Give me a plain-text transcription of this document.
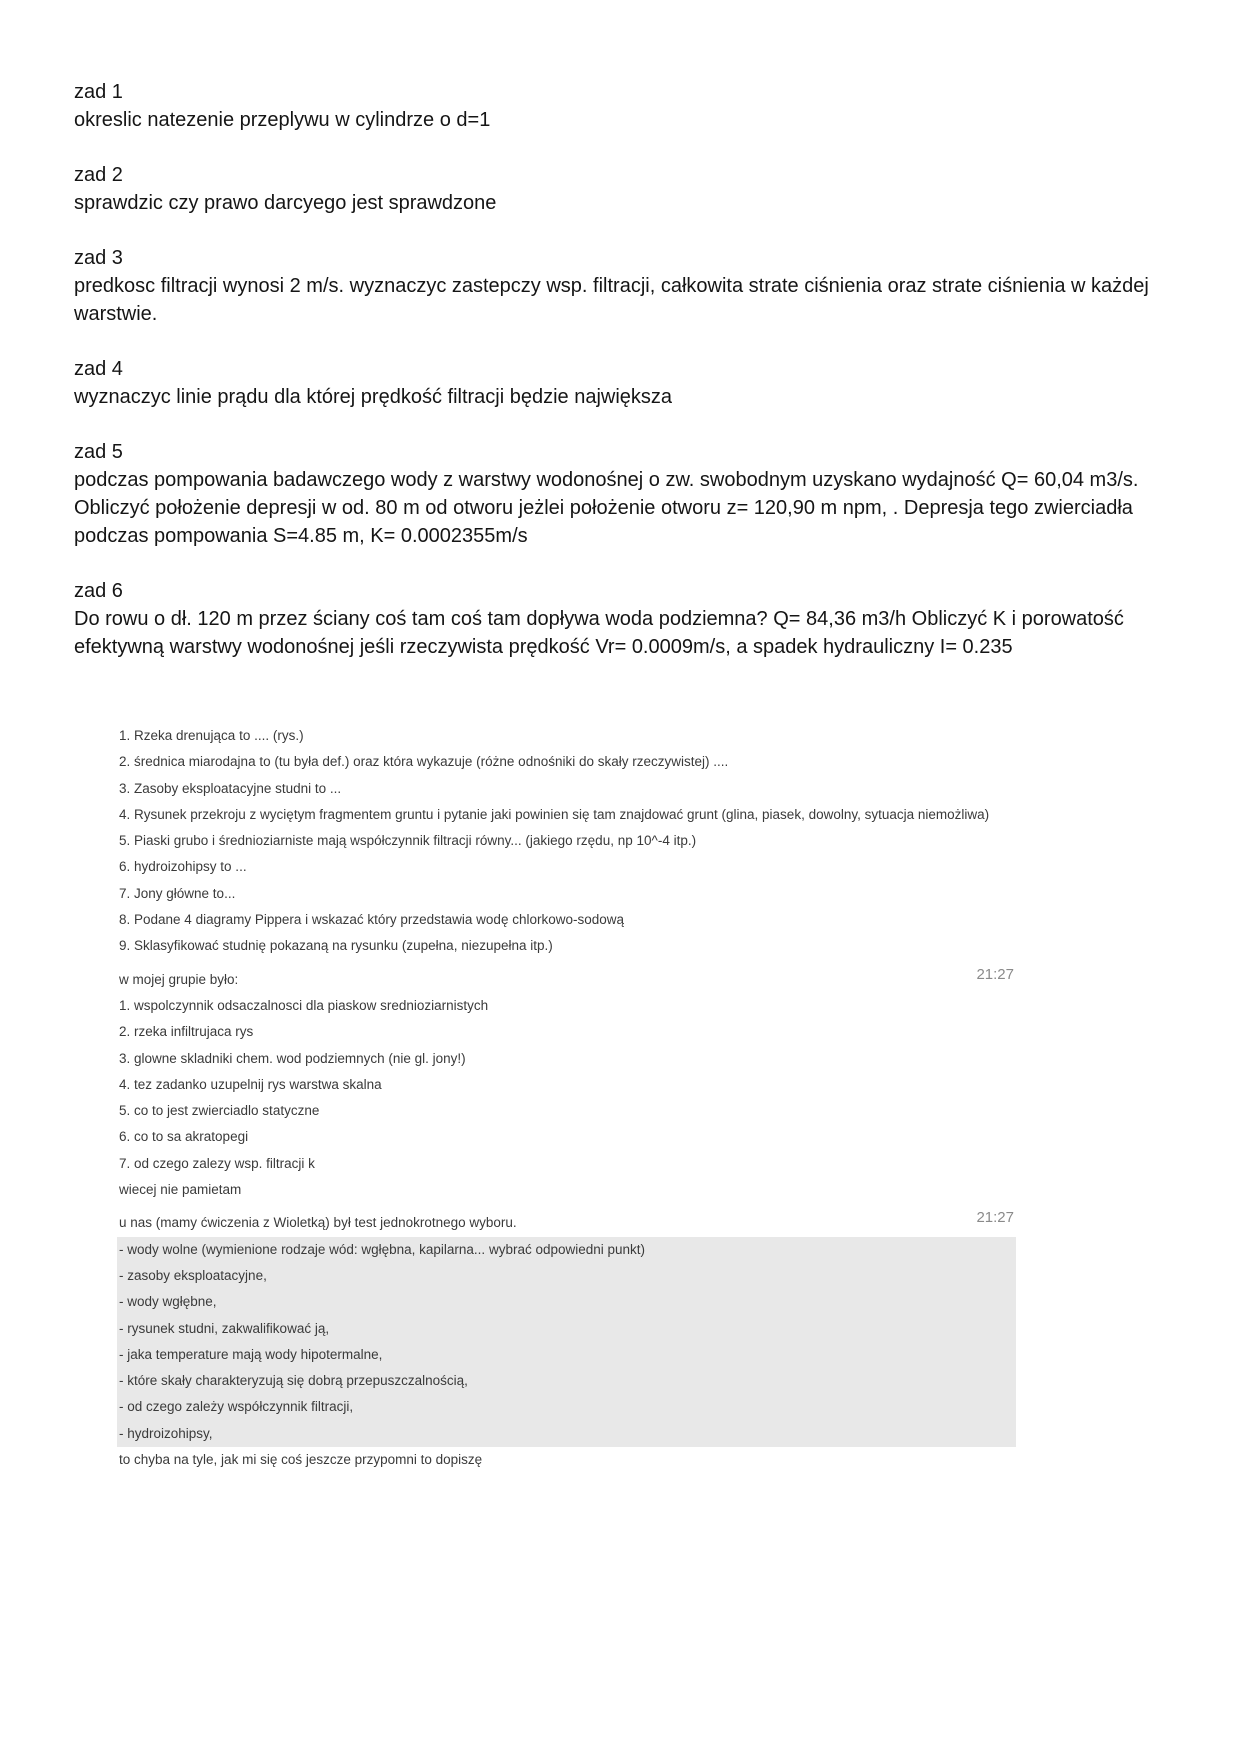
zad 1

okreslic natezenie przeplywu w cylindrze o d=1

zad 2

sprawdzic czy prawo darcyego jest sprawdzone

zad 3

predkosc filtracji wynosi 2 m/s. wyznaczyc zastepczy wsp. filtracji, całkowita strate ciśnienia oraz strate ciśnienia w każdej warstwie.

zad 4

wyznaczyc linie prądu dla której prędkość filtracji będzie największa

zad 5

podczas pompowania badawczego wody z warstwy wodonośnej o zw. swobodnym uzyskano wydajność Q= 60,04 m3/s. Obliczyć położenie depresji w od. 80 m od otworu jeżlei położenie otworu z= 120,90 m npm, . Depresja tego zwierciadła podczas pompowania S=4.85 m, K= 0.0002355m/s

zad 6

Do rowu o dł. 120 m przez ściany coś tam coś tam dopływa woda podziemna? Q= 84,36 m3/h Obliczyć K i porowatość efektywną warstwy wodonośnej jeśli rzeczywista prędkość Vr= 0.0009m/s, a spadek hydrauliczny I= 0.235

1. Rzeka drenująca to .... (rys.)
2. średnica miarodajna to (tu była def.) oraz która wykazuje (różne odnośniki do skały rzeczywistej) ....
3. Zasoby eksploatacyjne studni to ...
4. Rysunek przekroju z wyciętym fragmentem gruntu i pytanie jaki powinien się tam znajdować grunt (glina, piasek, dowolny, sytuacja niemożliwa)
5. Piaski grubo i średnioziarniste mają współczynnik filtracji równy... (jakiego rzędu, np 10^-4 itp.)
6. hydroizohipsy to ...
7. Jony główne to...
8. Podane 4 diagramy Pippera i wskazać który przedstawia wodę chlorkowo-sodową
9. Sklasyfikować studnię pokazaną na rysunku (zupełna, niezupełna itp.)
w mojej grupie było:	21:27
1. wspolczynnik odsaczalnosci dla piaskow srednioziarnistych
2. rzeka infiltrujaca rys
3. glowne skladniki chem. wod podziemnych (nie gl. jony!)
4. tez zadanko uzupelnij rys warstwa skalna
5. co to jest zwierciadlo statyczne
6. co to sa akratopegi
7. od czego zalezy wsp. filtracji k
wiecej nie pamietam
u nas (mamy ćwiczenia z Wioletką) był test jednokrotnego wyboru.	21:27
- wody wolne (wymienione rodzaje wód: wgłębna, kapilarna... wybrać odpowiedni punkt)
- zasoby eksploatacyjne,
- wody wgłębne,
- rysunek studni, zakwalifikować ją,
- jaka temperature mają wody hipotermalne,
- które skały charakteryzują się dobrą przepuszczalnością,
- od czego zależy współczynnik filtracji,
- hydroizohipsy,
to chyba na tyle, jak mi się coś jeszcze przypomni to dopiszę
